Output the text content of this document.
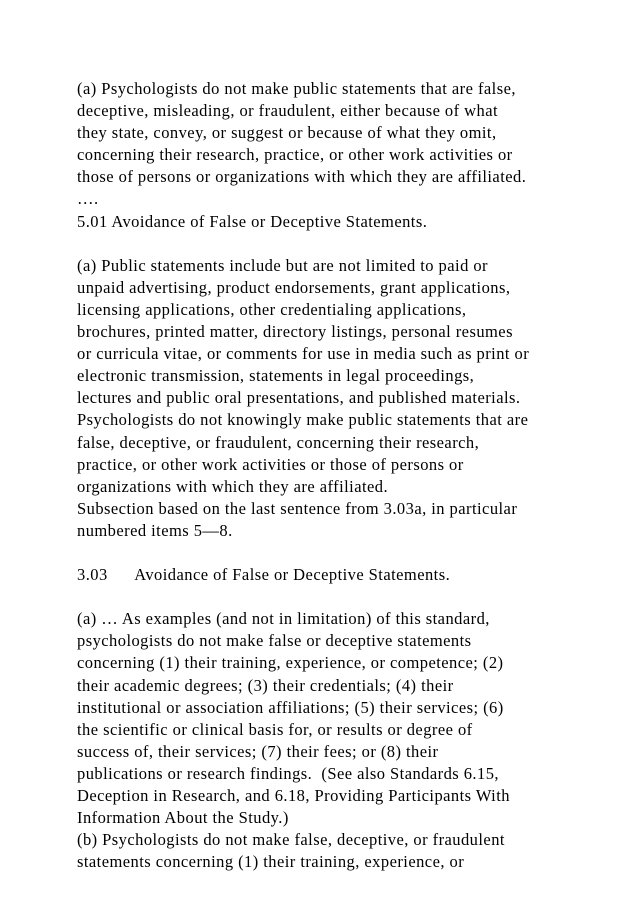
(a) Psychologists do not make public statements that are false,
deceptive, misleading, or fraudulent, either because of what
they state, convey, or suggest or because of what they omit,
concerning their research, practice, or other work activities or
those of persons or organizations with which they are affiliated.
….
5.01 Avoidance of False or Deceptive Statements.
(a) Public statements include but are not limited to paid or
unpaid advertising, product endorsements, grant applications,
licensing applications, other credentialing applications,
brochures, printed matter, directory listings, personal resumes
or curricula vitae, or comments for use in media such as print or
electronic transmission, statements in legal proceedings,
lectures and public oral presentations, and published materials.
Psychologists do not knowingly make public statements that are
false, deceptive, or fraudulent, concerning their research,
practice, or other work activities or those of persons or
organizations with which they are affiliated.
Subsection based on the last sentence from 3.03a, in particular
numbered items 5—8.
3.03      Avoidance of False or Deceptive Statements.
(a) … As examples (and not in limitation) of this standard,
psychologists do not make false or deceptive statements
concerning (1) their training, experience, or competence; (2)
their academic degrees; (3) their credentials; (4) their
institutional or association affiliations; (5) their services; (6)
the scientific or clinical basis for, or results or degree of
success of, their services; (7) their fees; or (8) their
publications or research findings.  (See also Standards 6.15,
Deception in Research, and 6.18, Providing Participants With
Information About the Study.)
(b) Psychologists do not make false, deceptive, or fraudulent
statements concerning (1) their training, experience, or
